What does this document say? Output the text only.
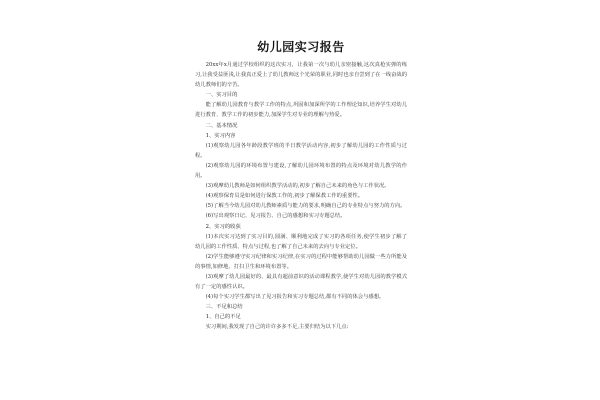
幼儿园实习报告

20xx年x月通过学校组织的这次实习，让我第一次与幼儿亲密接触,这次真枪实弹的练习,让我受益匪浅,让我真正爱上了幼儿教师这个光荣的职业,同时也亲自尝到了在一线奋战的幼儿教师们的辛苦。

一、实习目的

能了解幼儿园教育与教学工作的特点,巩固和加深所学的工作理论知识,培养学生对幼儿进行教育、教学工作的初步能力,加深学生对专业的理解与热爱。

二、基本情况

1、实习内容

(1)观察幼儿园各年龄段教学班的半日教学活动内容,初步了解幼儿园的工作性质与过程。

(2)观察幼儿园的环境布置与建设,了解幼儿园环境布置的特点及环境对幼儿教学的作用。

(3)观摩幼儿教师是如何组织教学活动的,初步了解自己未来的角色与工作状况。

(4)观察保育员是如何进行保教工作的,初步了解保教工作的重要性。

(5)了解当今幼儿园对幼儿教师素质与能力的要求,明确自己的专业特点与努力的方向。

(6)写出观察日记、见习报告、自己的感想和实习专题总结。

2、实习的收获

(1)本次实习达到了实习目的,圆满、顺利地完成了实习的各项任务,使学生初步了解了幼儿园的工作性质、特点与过程,也了解了自己未来的去向与专业定位。

(2)学生能够遵守实习纪律和实习纪律,在实习的过程中能够帮助幼儿园做一些力所能及的事情,如修地、打扫卫生和环境布置等。

(3)观摩了幼儿园最好的、最具有超前意识的活动课程教学,使学生对幼儿园的教学模式有了一定的感性认识。

(4)每个实习学生都写出了见习报告和实习专题总结,都有不同的体会与感想。

三、不足和总结

1、自己的不足

实习期间,我发现了自己的许许多多不足,主要归结为以下几点:
